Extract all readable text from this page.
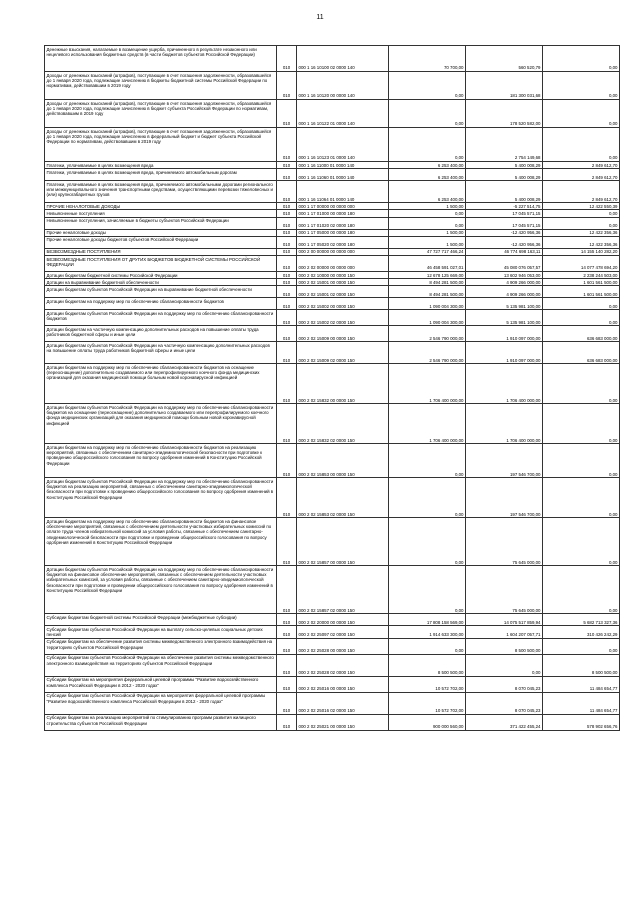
11
Денежные взыскания, налагаемые в возмещение ущерба, причиненного в результате незаконного или нецелевого использования бюджетных средств (в части бюджетов субъектов Российской Федерации)	010	000 1 16 10100 02 0000 140	70 700,00	560 520,79	0,00
Доходы от денежных взысканий (штрафов), поступающие в счет погашения задолженности, образовавшейся до 1 января 2020 года, подлежащие зачислению в бюджеты бюджетной системы Российской Федерации по нормативам, действовавшим в 2019 году	010	000 1 16 10120 00 0000 140	0,00	181 300 031,68	0,00
Доходы от денежных взысканий (штрафов), поступающие в счет погашения задолженности, образовавшейся до 1 января 2020 года, подлежащие зачислению в бюджет субъекта Российской Федерации по нормативам, действовавшим в 2019 году	010	000 1 16 10122 01 0000 140	0,00	178 520 582,00	0,00
Доходы от денежных взысканий (штрафов), поступающие в счет погашения задолженности, образовавшейся до 1 января 2020 года, подлежащие зачислению в федеральный бюджет и бюджет субъекта Российской Федерации по нормативам, действовавшим в 2019 году	010	000 1 16 10123 01 0000 140	0,00	2 754 149,68	0,00
Платежи, уплачиваемые в целях возмещения вреда	010	000 1 16 11000 01 0000 140	6 253 400,00	5 400 008,29	2 849 612,70
Платежи, уплачиваемые в целях возмещения вреда, причиняемого автомобильным дорогам	010	000 1 16 11060 01 0000 140	6 253 400,00	5 400 008,29	2 849 612,70
Платежи, уплачиваемые в целях возмещения вреда, причиняемого автомобильными дорогами регионального или межмуниципального значения транспортными средствами, осуществляющими перевозки тяжеловесных и (или) крупногабаритных грузов	010	000 1 16 11064 01 0000 140	6 253 400,00	5 400 008,29	2 849 612,70
ПРОЧИЕ НЕНАЛОГОВЫЕ ДОХОДЫ	010	000 1 17 00000 00 0000 000	1 500,00	-5 227 514,75	12 422 550,39
Невыясненные поступления	010	000 1 17 01000 00 0000 180	0,00	17 045 571,15	0,00
Невыясненные поступления, зачисляемые в бюджеты субъектов Российской Федерации	010	000 1 17 01020 02 0000 180	0,00	17 045 571,15	0,00
Прочие неналоговые доходы	010	000 1 17 05000 00 0000 180	1 500,00	-12 420 956,36	12 422 356,36
Прочие неналоговые доходы бюджетов субъектов Российской Федерации	010	000 1 17 05020 02 0000 180	1 500,00	-12 420 956,36	12 422 356,36
БЕЗВОЗМЕЗДНЫЕ ПОСТУПЛЕНИЯ	010	000 2 00 00000 00 0000 000	47 727 717 466,24	46 774 698 163,11	14 155 140 282,20
БЕЗВОЗМЕЗДНЫЕ ПОСТУПЛЕНИЯ ОТ ДРУГИХ БЮДЖЕТОВ БЮДЖЕТНОЙ СИСТЕМЫ РОССИЙСКОЙ ФЕДЕРАЦИИ	010	000 2 02 00000 00 0000 000	46 458 591 027,01	45 080 076 057,57	14 077 478 694,20
Дотации бюджетам бюджетной системы Российской Федерации	010	000 2 02 10000 00 0000 150	12 678 125 669,00	13 602 946 053,00	2 238 244 503,00
Дотации на выравнивание бюджетной обеспеченности	010	000 2 02 15001 00 0000 150	8 494 281 500,00	4 909 266 000,00	1 601 561 500,00
Дотации бюджетам субъектов Российской Федерации на выравнивание бюджетной обеспеченности	010	000 2 02 15001 02 0000 150	8 494 281 500,00	4 909 266 000,00	1 601 561 500,00
Дотации бюджетам на поддержку мер по обеспечению сбалансированности бюджетов	010	000 2 02 15002 00 0000 150	1 090 004 300,00	5 135 981 100,00	0,00
Дотации бюджетам субъектов Российской Федерации на поддержку мер по обеспечению сбалансированности бюджетов	010	000 2 02 15002 02 0000 150	1 090 004 300,00	5 135 981 100,00	0,00
Дотации бюджетам на частичную компенсацию дополнительных расходов на повышение оплаты труда работников бюджетной сферы и иные цели	010	000 2 02 15009 00 0000 150	2 546 790 000,00	1 910 097 000,00	636 683 000,00
Дотации бюджетам субъектов Российской Федерации на частичную компенсацию дополнительных расходов на повышение оплаты труда работников бюджетной сферы и иные цели	010	000 2 02 15009 02 0000 150	2 546 790 000,00	1 910 097 000,00	636 683 000,00
Дотации бюджетам на поддержку мер по обеспечению сбалансированности бюджетов на оснащение (переоснащение) дополнительно создаваемого или перепрофилируемого коечного фонда медицинских организаций для оказания медицинской помощи больным новой коронавирусной инфекцией	010	000 2 02 15832 00 0000 150	1 706 400 000,00	1 706 400 000,00	0,00
Дотации бюджетам субъектов Российской Федерации на поддержку мер по обеспечению сбалансированности бюджетов на оснащение (переоснащение) дополнительно создаваемого или перепрофилируемого коечного фонда медицинских организаций для оказания медицинской помощи больным новой коронавирусной инфекцией	010	000 2 02 15832 02 0000 150	1 706 400 000,00	1 706 400 000,00	0,00
Дотации бюджетам на поддержку мер по обеспечению сбалансированности бюджетов на реализацию мероприятий, связанных с обеспечением санитарно-эпидемиологической безопасности при подготовке к проведению общероссийского голосования по вопросу одобрения изменений в Конституцию Российской Федерации	010	000 2 02 15853 00 0000 150	0,00	197 546 700,00	0,00
Дотации бюджетам субъектов Российской Федерации на поддержку мер по обеспечению сбалансированности бюджетов на реализацию мероприятий, связанных с обеспечением санитарно-эпидемиологической безопасности при подготовке к проведению общероссийского голосования по вопросу одобрения изменений в Конституцию Российской Федерации	010	000 2 02 15853 02 0000 150	0,00	197 546 700,00	0,00
Дотации бюджетам на поддержку мер по обеспечению сбалансированности бюджетов на финансовое обеспечение мероприятий, связанных с обеспечением деятельности участковых избирательных комиссий по оплате труда членов избирательной комиссий за условия работы, связанные с обеспечением санитарно-эпидемиологической безопасности при подготовке и проведении общероссийского голосования по вопросу одобрения изменений в Конституцию Российской Федерации	010	000 2 02 15857 00 0000 150	0,00	75 645 000,00	0,00
Дотации бюджетам субъектов Российской Федерации на поддержку мер по обеспечению сбалансированности бюджетов на финансовое обеспечение мероприятий, связанных с обеспечением деятельности участковых избирательных комиссий, за условия работы, связанные с обеспечением санитарно-эпидемиологической безопасности при подготовке и проведении общероссийского голосования по вопросу одобрения изменений в Конституцию Российской Федерации	010	000 2 02 15857 02 0000 150	0,00	75 645 000,00	0,00
Субсидии бюджетам бюджетной системы Российской Федерации (межбюджетные субсидии)	010	000 2 02 20000 00 0000 150	17 808 158 569,00	14 075 517 859,94	5 682 713 327,36
Субсидии бюджетам субъектов Российской Федерации на выплату сельско-целевых социальных детских пенсий	010	000 2 02 25097 02 0000 150	1 914 633 300,00	1 604 207 057,71	310 426 242,29
Субсидии бюджетам на обеспечение развития системы межведомственного электронного взаимодействия на территориях субъектов Российской Федерации	010	000 2 02 25028 00 0000 150	0,00	8 500 500,00	0,00
Субсидии бюджетам субъектов Российской Федерации на обеспечение развития системы межведомственного электронного взаимодействия на территориях субъектов Российской Федерации	010	000 2 02 25028 02 0000 150	8 500 500,00	0,00	8 500 500,00
Субсидии бюджетам на мероприятия федеральной целевой программы "Развитие водохозяйственного комплекса Российской Федерации в 2012 - 2020 годах"	010	000 2 02 25016 00 0000 150	10 572 702,00	8 070 045,23	11 484 654,77
Субсидии бюджетам субъектов Российской Федерации на мероприятия федеральной целевой программы "Развитие водохозяйственного комплекса Российской Федерации в 2012 - 2020 годах"	010	000 2 02 25016 02 0000 150	10 572 702,00	8 070 045,23	11 484 654,77
Субсидии бюджетам на реализацию мероприятий по стимулированию программ развития жилищного строительства субъектов Российской Федерации	010	000 2 02 25021 00 0000 150	900 000 560,00	371 422 455,24	578 902 656,76
